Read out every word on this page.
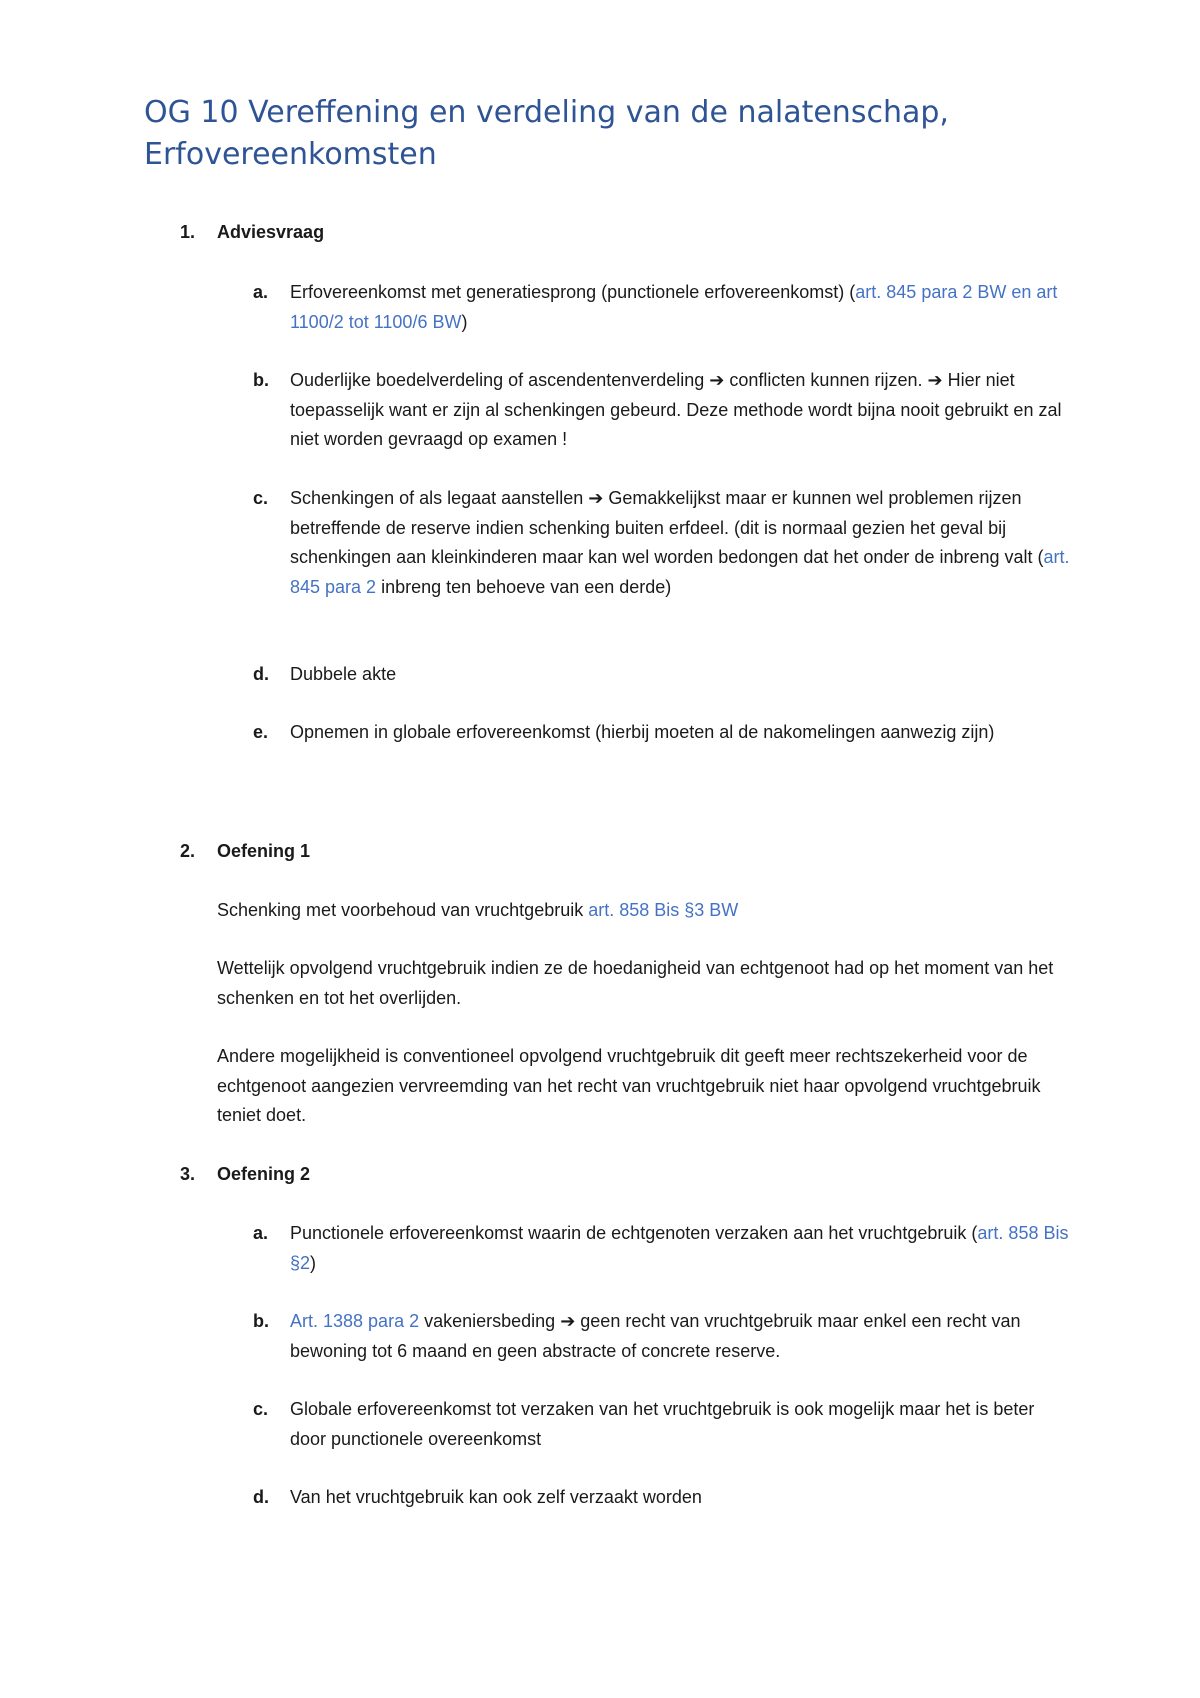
OG 10 Vereffening en verdeling van de nalatenschap, Erfovereenkomsten
1. Adviesvraag
a. Erfovereenkomst met generatiesprong (punctionele erfovereenkomst) (art. 845 para 2 BW en art 1100/2 tot 1100/6 BW)
b. Ouderlijke boedelverdeling of ascendentenverdeling ➔ conflicten kunnen rijzen. ➔ Hier niet toepasselijk want er zijn al schenkingen gebeurd. Deze methode wordt bijna nooit gebruikt en zal niet worden gevraagd op examen !
c. Schenkingen of als legaat aanstellen ➔ Gemakkelijkst maar er kunnen wel problemen rijzen betreffende de reserve indien schenking buiten erfdeel. (dit is normaal gezien het geval bij schenkingen aan kleinkinderen maar kan wel worden bedongen dat het onder de inbreng valt (art. 845 para 2 inbreng ten behoeve van een derde)
d. Dubbele akte
e. Opnemen in globale erfovereenkomst (hierbij moeten al de nakomelingen aanwezig zijn)
2. Oefening 1
Schenking met voorbehoud van vruchtgebruik art. 858 Bis §3 BW
Wettelijk opvolgend vruchtgebruik indien ze de hoedanigheid van echtgenoot had op het moment van het schenken en tot het overlijden.
Andere mogelijkheid is conventioneel opvolgend vruchtgebruik dit geeft meer rechtszekerheid voor de echtgenoot aangezien vervreemding van het recht van vruchtgebruik niet haar opvolgend vruchtgebruik teniet doet.
3. Oefening 2
a. Punctionele erfovereenkomst waarin de echtgenoten verzaken aan het vruchtgebruik (art. 858 Bis §2)
b. Art. 1388 para 2 vakeniersbeding ➔ geen recht van vruchtgebruik maar enkel een recht van bewoning tot 6 maand en geen abstracte of concrete reserve.
c. Globale erfovereenkomst tot verzaken van het vruchtgebruik is ook mogelijk maar het is beter door punctionele overeenkomst
d. Van het vruchtgebruik kan ook zelf verzaakt worden
